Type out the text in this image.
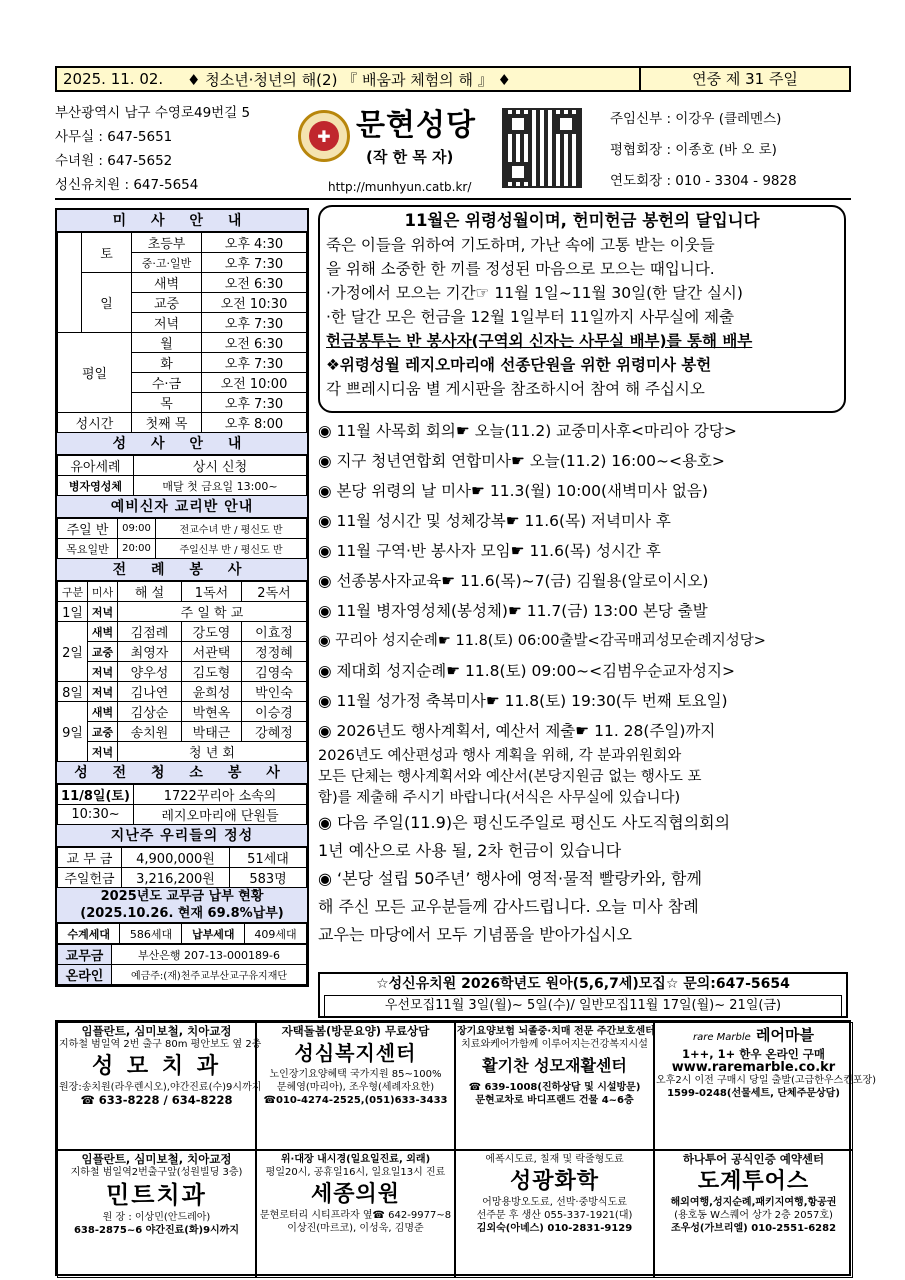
2025. 11. 02.	♦ 청소년·청년의 해(2) 『 배움과 체험의 해 』 ♦	연중 제 31 주일
부산광역시 남구 수영로49번길 5
사무실 : 647-5651
수녀원 : 647-5652
성신유치원 : 647-5654
✚ 문현성당
(작 한 목 자)
http://munhyun.catb.kr/
주임신부 : 이강우 (클레멘스)
평협회장 : 이종호 (바 오 로)
연도회장 : 010 - 3304 - 9828
미 사 안 내
	토	초등부	오후 4:30
		중·고·일반	오후 7:30
	일	새벽	오전 6:30
		교중	오전 10:30
		저녁	오후 7:30
평일		월	오전 6:30
		화	오후 7:30
		수·금	오전 10:00
		목	오후 7:30
성시간		첫째 목	오후 8:00
성 사 안 내
유아세례	상시 신청
병자영성체	매달 첫 금요일 13:00~
예비신자 교리반 안내
주일 반	09:00	전교수녀 반 / 평신도 반
목요일반	20:00	주일신부 반 / 평신도 반
전 례 봉 사
구분	미사	해 설	1독서	2독서
1일	저녁	주 일 학 교		
2일	새벽	김점례	강도영	이효정
	교중	최영자	서관택	정정혜
	저녁	양우성	김도형	김영숙
8일	저녁	김나연	윤희성	박인숙
9일	새벽	김상순	박현옥	이승경
	교중	송치원	박태근	강혜정
	저녁	청 년 회		
성 전 청 소 봉 사
11/8일(토)	1722꾸리아 소속의
10:30~	레지오마리애 단원들
지난주 우리들의 정성
교 무 금	4,900,000원	51세대
주일헌금	3,216,200원	583명
2025년도 교무금 납부 현황
(2025.10.26. 현재 69.8%납부)
수계세대	586세대	납부세대	409세대
교무금	부산은행 207-13-000189-6
온라인	예금주:(재)천주교부산교구유지재단
11월은 위령성월이며, 헌미헌금 봉헌의 달입니다
죽은 이들을 위하여 기도하며, 가난 속에 고통 받는 이웃들
을 위해 소중한 한 끼를 정성된 마음으로 모으는 때입니다.
·가정에서 모으는 기간☞ 11월 1일~11월 30일(한 달간 실시)
·한 달간 모은 헌금을 12월 1일부터 11일까지 사무실에 제출
헌금봉투는 반 봉사자(구역외 신자는 사무실 배부)를 통해 배부
❖위령성월 레지오마리애 선종단원을 위한 위령미사 봉헌
각 쁘레시디움 별 게시판을 참조하시어 참여 해 주십시오
◉ 11월 사목회 회의☛ 오늘(11.2) 교중미사후<마리아 강당>
◉ 지구 청년연합회 연합미사☛ 오늘(11.2) 16:00~<용호>
◉ 본당 위령의 날 미사☛ 11.3(월) 10:00(새벽미사 없음)
◉ 11월 성시간 및 성체강복☛ 11.6(목) 저녁미사 후
◉ 11월 구역·반 봉사자 모임☛ 11.6(목) 성시간 후
◉ 선종봉사자교육☛ 11.6(목)~7(금) 김월용(알로이시오)
◉ 11월 병자영성체(봉성체)☛ 11.7(금) 13:00 본당 출발
◉ 꾸리아 성지순례☛ 11.8(토) 06:00출발<감곡매괴성모순례지성당>
◉ 제대회 성지순례☛ 11.8(토) 09:00~<김범우순교자성지>
◉ 11월 성가정 축복미사☛ 11.8(토) 19:30(두 번째 토요일)
◉ 2026년도 행사계획서, 예산서 제출☛ 11. 28(주일)까지
2026년도 예산편성과 행사 계획을 위해, 각 분과위원회와
모든 단체는 행사계획서와 예산서(본당지원금 없는 행사도 포
함)를 제출해 주시기 바랍니다(서식은 사무실에 있습니다)
◉ 다음 주일(11.9)은 평신도주일로 평신도 사도직협의회의
1년 예산으로 사용 될, 2차 헌금이 있습니다
◉ ‘본당 설립 50주년’ 행사에 영적·물적 빨랑카와, 함께
해 주신 모든 교우분들께 감사드립니다. 오늘 미사 참례
교우는 마당에서 모두 기념품을 받아가십시오
☆성신유치원 2026학년도 원아(5,6,7세)모집☆ 문의:647-5654
우선모집11월 3일(월)~ 5일(수)/ 일반모집11월 17일(월)~ 21일(금)
임플란트, 심미보철, 치아교정
지하철 범일역 2번 출구 80m 평안보도 옆 2층
성 모 치 과
원장:송치원(라우렌시오),야간진료(수)9시까지
☎ 633-8228 / 634-8228
자택돌봄(방문요양) 무료상담
성심복지센터
노인장기요양혜택 국가지원 85~100%
문혜영(마리아), 조우형(세례자요한)
☎010-4274-2525,(051)633-3433
장기요양보험 뇌졸중·치매 전문 주간보호센터
치료와케어가함께 이루어지는건강복지시설
활기찬 성모재활센터
☎ 639-1008(진하상담 및 시설방문)
문현교차로 바디프랜드 건물 4~6층
rare Marble 레어마블
1++, 1+ 한우 온라인 구매
www.raremarble.co.kr
오후2시 이전 구매시 당일 출발(고급한우스킨포장)
1599-0248(선물세트, 단체주문상담)
임플란트, 심미보철, 치아교정
지하철 범일역2번출구앞(성원빌딩 3층)
민트치과
원 장 : 이상민(안드레아)
638-2875~6 야간진료(화)9시까지
위·대장 내시경(일요일진료, 외래)
평일20시, 공휴일16시, 일요일13시 진료
세종의원
문현로터리 시티프라자 옆☎ 642-9977~8
이상진(마르코), 이성욱, 김명준
에폭시도료, 칠재 및 락줄형도료
성광화학
어망용방오도료, 선박·중방식도료
선주문 후 생산 055-337-1921(대)
김외숙(아녜스) 010-2831-9129
하나투어 공식인증 예약센터
도계투어스
해외여행,성지순례,패키지여행,항공권
(용호동 W스퀘어 상가 2층 2057호)
조우성(가브리엘) 010-2551-6282
